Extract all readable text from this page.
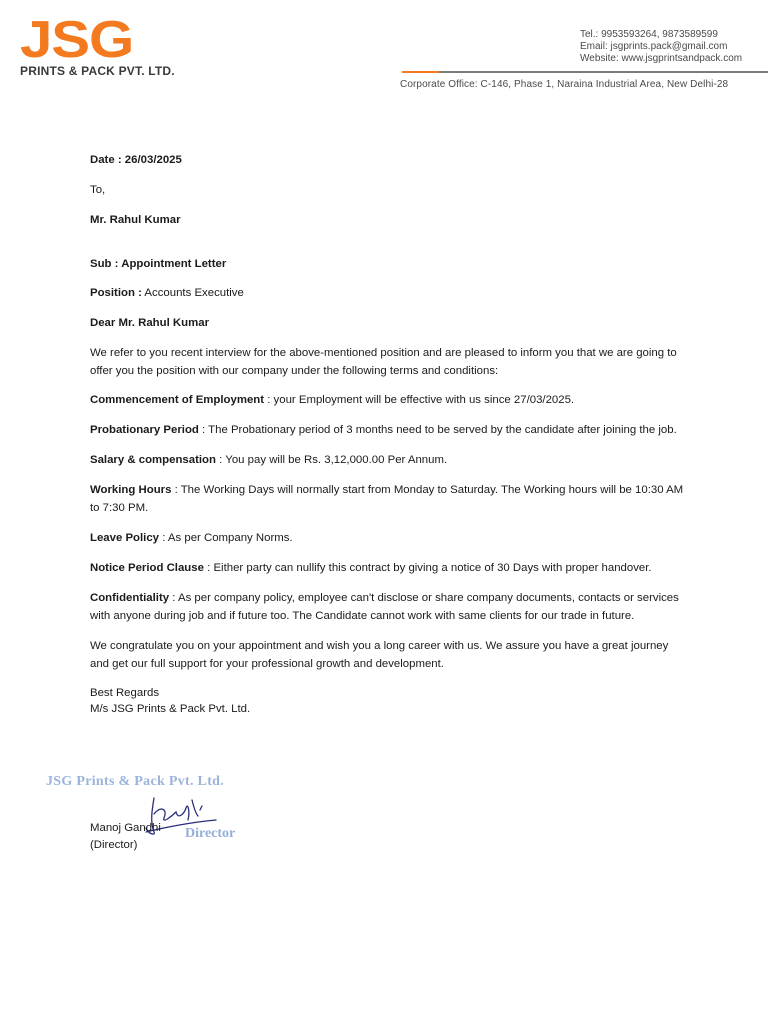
JSG
PRINTS & PACK PVT. LTD.
Tel.: 9953593264, 9873589599
Email: jsgprints.pack@gmail.com
Website: www.jsgprintsandpack.com
Corporate Office: C-146, Phase 1, Naraina Industrial Area, New Delhi-28

Date : 26/03/2025

To,

Mr. Rahul Kumar

Sub : Appointment Letter

Position : Accounts Executive

Dear Mr. Rahul Kumar

We refer to you recent interview for the above-mentioned position and are pleased to inform you that we are going to offer you the position with our company under the following terms and conditions:

Commencement of Employment : your Employment will be effective with us since 27/03/2025.

Probationary Period : The Probationary period of 3 months need to be served by the candidate after joining the job.

Salary & compensation : You pay will be Rs. 3,12,000.00 Per Annum.

Working Hours : The Working Days will normally start from Monday to Saturday. The Working hours will be 10:30 AM to 7:30 PM.

Leave Policy : As per Company Norms.

Notice Period Clause : Either party can nullify this contract by giving a notice of 30 Days with proper handover.

Confidentiality : As per company policy, employee can't disclose or share company documents, contacts or services with anyone during job and if future too. The Candidate cannot work with same clients for our trade in future.

We congratulate you on your appointment and wish you a long career with us. We assure you have a great journey and get our full support for your professional growth and development.

Best Regards

M/s JSG Prints & Pack Pvt. Ltd.

JSG Prints & Pack Pvt. Ltd.
Director
Manoj Gandhi
(Director)
